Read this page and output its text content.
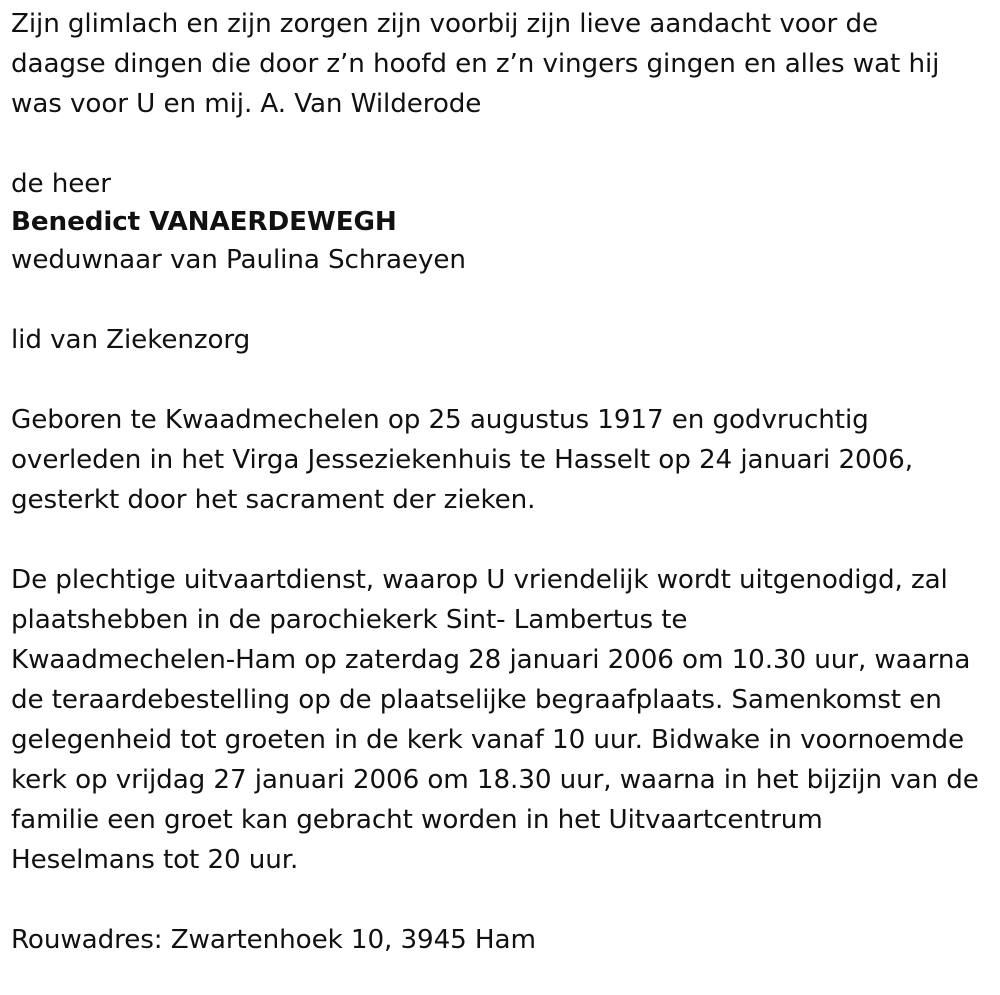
Zijn glimlach en zijn zorgen zijn voorbij zijn lieve aandacht voor de
daagse dingen die door z’n hoofd en z’n vingers gingen en alles wat hij
was voor U en mij. A. Van Wilderode

de heer

Benedict VANAERDEWEGH

weduwnaar van Paulina Schraeyen

lid van Ziekenzorg

Geboren te Kwaadmechelen op 25 augustus 1917 en godvruchtig
overleden in het Virga Jesseziekenhuis te Hasselt op 24 januari 2006,
gesterkt door het sacrament der zieken.

De plechtige uitvaartdienst, waarop U vriendelijk wordt uitgenodigd, zal
plaatshebben in de parochiekerk Sint- Lambertus te
Kwaadmechelen-Ham op zaterdag 28 januari 2006 om 10.30 uur, waarna
de teraardebestelling op de plaatselijke begraafplaats. Samenkomst en
gelegenheid tot groeten in de kerk vanaf 10 uur. Bidwake in voornoemde
kerk op vrijdag 27 januari 2006 om 18.30 uur, waarna in het bijzijn van de
familie een groet kan gebracht worden in het Uitvaartcentrum
Heselmans tot 20 uur.

Rouwadres: Zwartenhoek 10, 3945 Ham
